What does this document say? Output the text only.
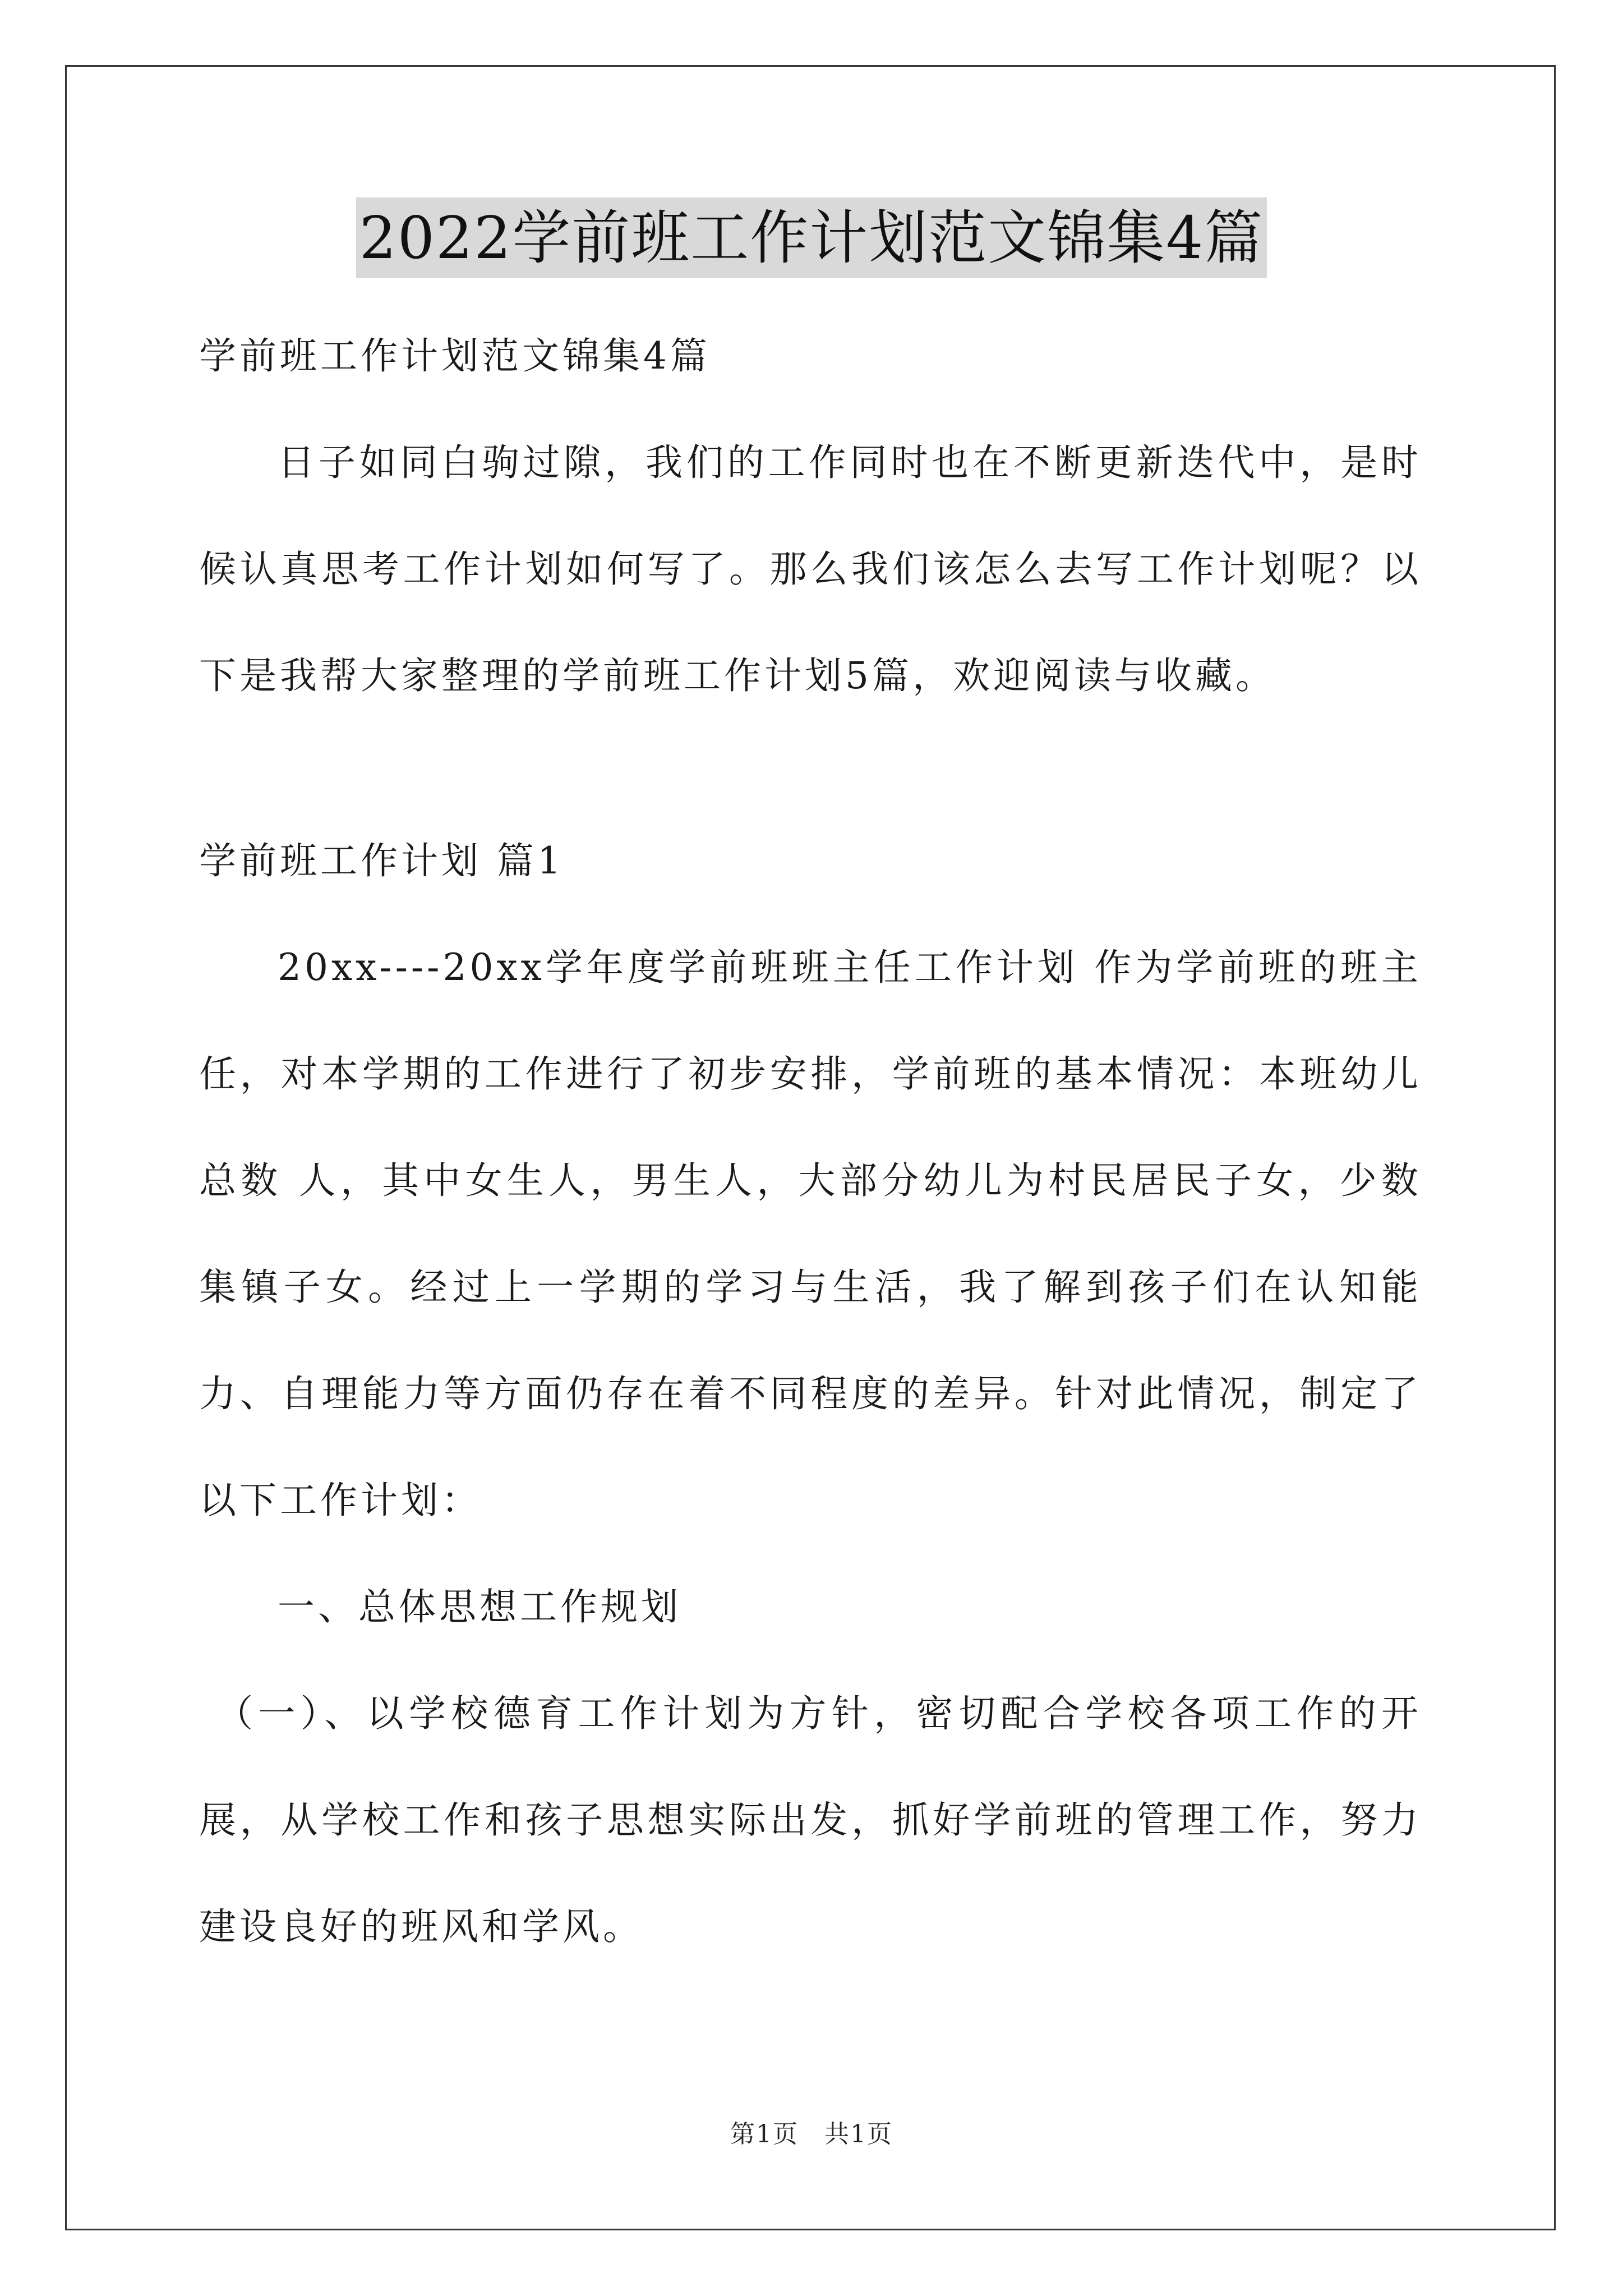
2022学前班工作计划范文锦集4篇

学前班工作计划范文锦集4篇

日子如同白驹过隙，我们的工作同时也在不断更新迭代中，是时候认真思考工作计划如何写了。那么我们该怎么去写工作计划呢？以下是我帮大家整理的学前班工作计划5篇，欢迎阅读与收藏。

学前班工作计划 篇1

20xx----20xx学年度学前班班主任工作计划 作为学前班的班主任，对本学期的工作进行了初步安排，学前班的基本情况：本班幼儿总数 人，其中女生人，男生人，大部分幼儿为村民居民子女，少数集镇子女。经过上一学期的学习与生活，我了解到孩子们在认知能力、自理能力等方面仍存在着不同程度的差异。针对此情况，制定了以下工作计划：

一、总体思想工作规划

（一）、以学校德育工作计划为方针，密切配合学校各项工作的开展，从学校工作和孩子思想实际出发，抓好学前班的管理工作，努力建设良好的班风和学风。

第1页　共1页
